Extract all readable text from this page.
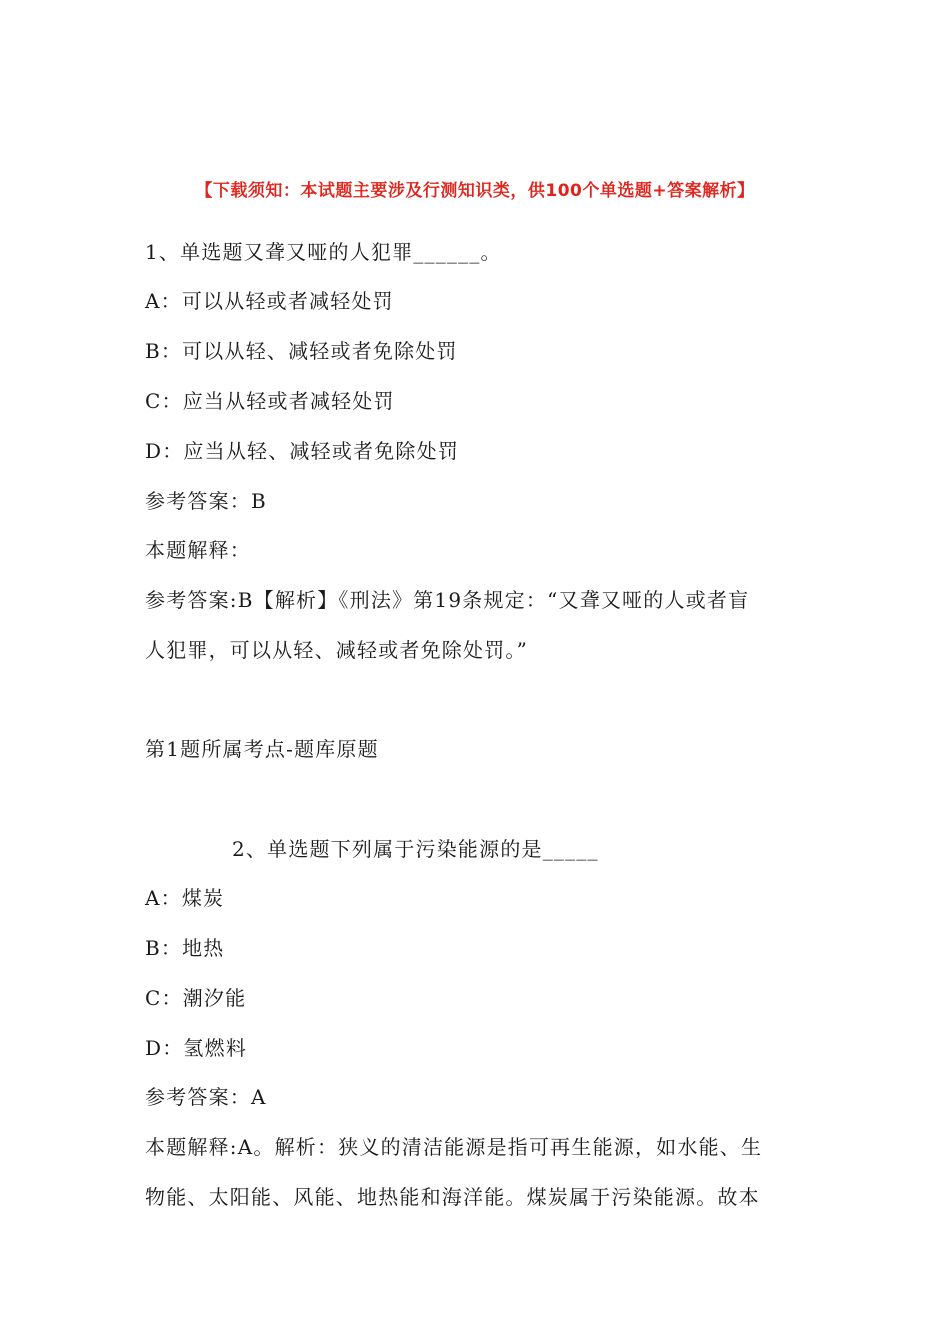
【下载须知：本试题主要涉及行测知识类，供100个单选题+答案解析】
1、单选题又聋又哑的人犯罪______。
A：可以从轻或者减轻处罚
B：可以从轻、减轻或者免除处罚
C：应当从轻或者减轻处罚
D：应当从轻、减轻或者免除处罚
参考答案：B
本题解释：
参考答案:B【解析】《刑法》第19条规定：“又聋又哑的人或者盲
人犯罪，可以从轻、减轻或者免除处罚。”
第1题所属考点-题库原题
2、单选题下列属于污染能源的是_____
A：煤炭
B：地热
C：潮汐能
D：氢燃料
参考答案：A
本题解释:A。解析：狭义的清洁能源是指可再生能源，如水能、生
物能、太阳能、风能、地热能和海洋能。煤炭属于污染能源。故本
